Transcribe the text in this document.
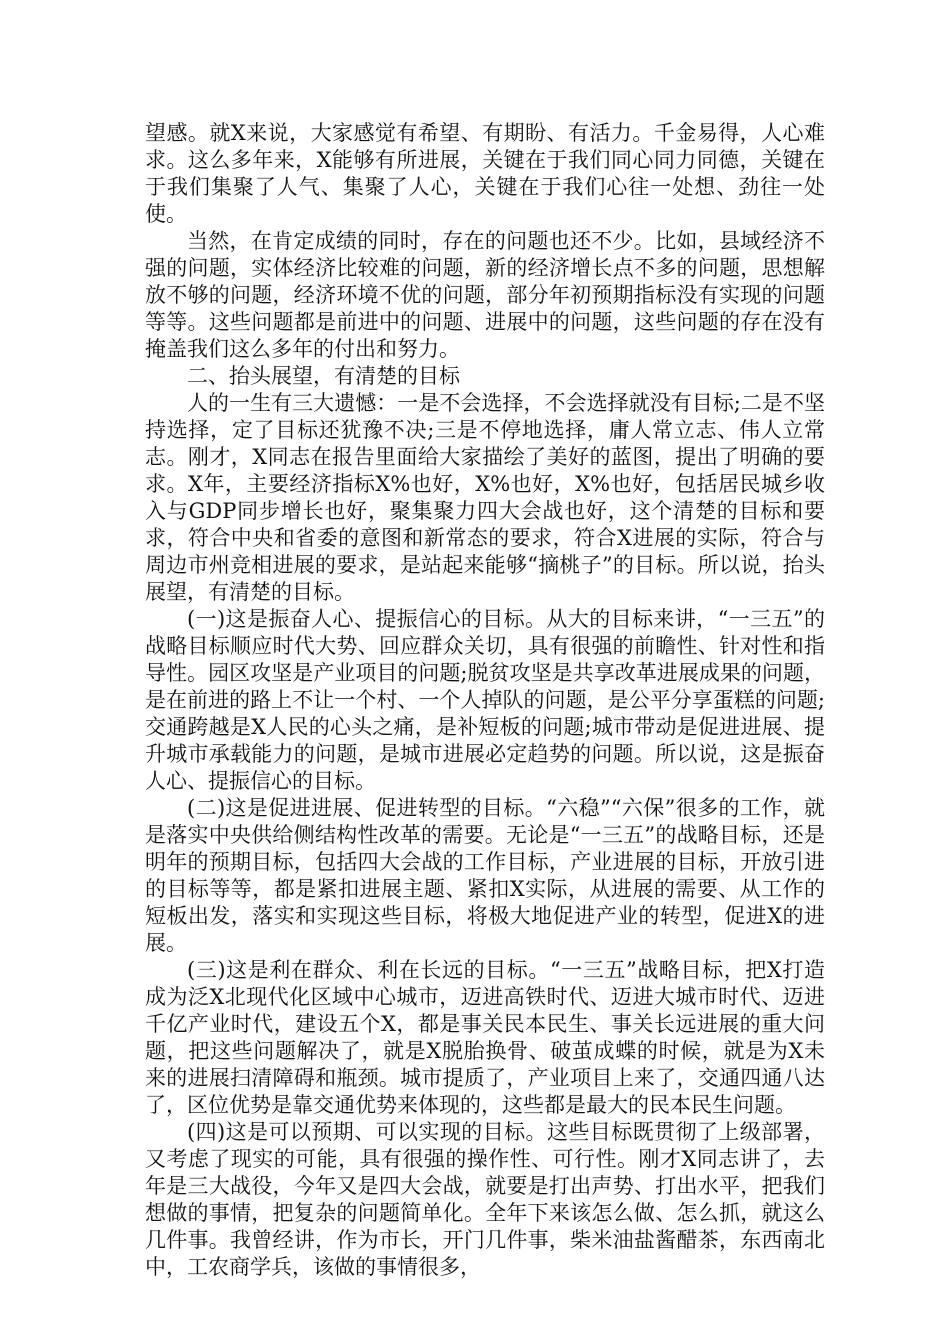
望感。就X来说，大家感觉有希望、有期盼、有活力。千金易得，人心难求。这么多年来，X能够有所进展，关键在于我们同心同力同德，关键在于我们集聚了人气、集聚了人心，关键在于我们心往一处想、劲往一处使。

当然，在肯定成绩的同时，存在的问题也还不少。比如，县域经济不强的问题，实体经济比较难的问题，新的经济增长点不多的问题，思想解放不够的问题，经济环境不优的问题，部分年初预期指标没有实现的问题等等。这些问题都是前进中的问题、进展中的问题，这些问题的存在没有掩盖我们这么多年的付出和努力。

二、抬头展望，有清楚的目标

人的一生有三大遗憾：一是不会选择，不会选择就没有目标;二是不坚持选择，定了目标还犹豫不决;三是不停地选择，庸人常立志、伟人立常志。刚才，X同志在报告里面给大家描绘了美好的蓝图，提出了明确的要求。X年，主要经济指标X%也好，X%也好，X%也好，包括居民城乡收入与GDP同步增长也好，聚集聚力四大会战也好，这个清楚的目标和要求，符合中央和省委的意图和新常态的要求，符合X进展的实际，符合与周边市州竞相进展的要求，是站起来能够“摘桃子”的目标。所以说，抬头展望，有清楚的目标。

(一)这是振奋人心、提振信心的目标。从大的目标来讲，“一三五”的战略目标顺应时代大势、回应群众关切，具有很强的前瞻性、针对性和指导性。园区攻坚是产业项目的问题;脱贫攻坚是共享改革进展成果的问题，是在前进的路上不让一个村、一个人掉队的问题，是公平分享蛋糕的问题;交通跨越是X人民的心头之痛，是补短板的问题;城市带动是促进进展、提升城市承载能力的问题，是城市进展必定趋势的问题。所以说，这是振奋人心、提振信心的目标。

(二)这是促进进展、促进转型的目标。“六稳”“六保”很多的工作，就是落实中央供给侧结构性改革的需要。无论是“一三五”的战略目标，还是明年的预期目标，包括四大会战的工作目标，产业进展的目标，开放引进的目标等等，都是紧扣进展主题、紧扣X实际，从进展的需要、从工作的短板出发，落实和实现这些目标，将极大地促进产业的转型，促进X的进展。

(三)这是利在群众、利在长远的目标。“一三五”战略目标，把X打造成为泛X北现代化区域中心城市，迈进高铁时代、迈进大城市时代、迈进千亿产业时代，建设五个X，都是事关民本民生、事关长远进展的重大问题，把这些问题解决了，就是X脱胎换骨、破茧成蝶的时候，就是为X未来的进展扫清障碍和瓶颈。城市提质了，产业项目上来了，交通四通八达了，区位优势是靠交通优势来体现的，这些都是最大的民本民生问题。

(四)这是可以预期、可以实现的目标。这些目标既贯彻了上级部署，又考虑了现实的可能，具有很强的操作性、可行性。刚才X同志讲了，去年是三大战役，今年又是四大会战，就要是打出声势、打出水平，把我们想做的事情，把复杂的问题简单化。全年下来该怎么做、怎么抓，就这么几件事。我曾经讲，作为市长，开门几件事，柴米油盐酱醋茶，东西南北中，工农商学兵，该做的事情很多，
